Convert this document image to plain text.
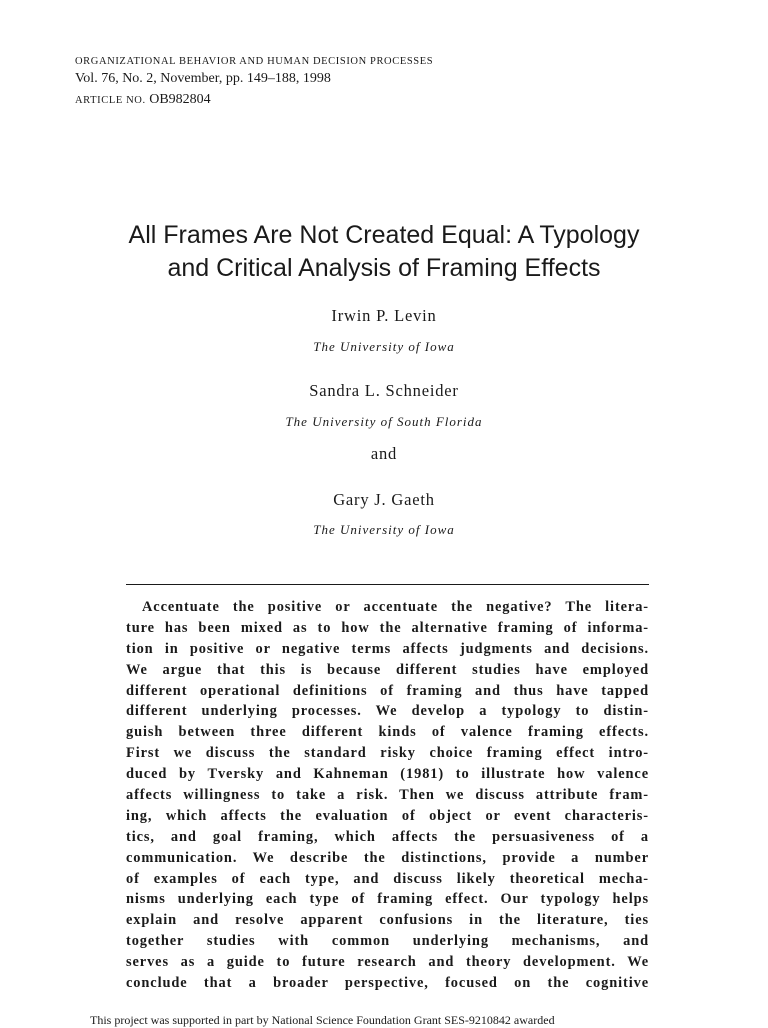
ORGANIZATIONAL BEHAVIOR AND HUMAN DECISION PROCESSES
Vol. 76, No. 2, November, pp. 149–188, 1998
ARTICLE NO. OB982804
All Frames Are Not Created Equal: A Typology
and Critical Analysis of Framing Effects
Irwin P. Levin
The University of Iowa
Sandra L. Schneider
The University of South Florida
and
Gary J. Gaeth
The University of Iowa
Accentuate the positive or accentuate the negative? The litera-
ture has been mixed as to how the alternative framing of informa-
tion in positive or negative terms affects judgments and decisions.
We argue that this is because different studies have employed
different operational definitions of framing and thus have tapped
different underlying processes. We develop a typology to distin-
guish between three different kinds of valence framing effects.
First we discuss the standard risky choice framing effect intro-
duced by Tversky and Kahneman (1981) to illustrate how valence
affects willingness to take a risk. Then we discuss attribute fram-
ing, which affects the evaluation of object or event characteris-
tics, and goal framing, which affects the persuasiveness of a
communication. We describe the distinctions, provide a number
of examples of each type, and discuss likely theoretical mecha-
nisms underlying each type of framing effect. Our typology helps
explain and resolve apparent confusions in the literature, ties
together studies with common underlying mechanisms, and
serves as a guide to future research and theory development. We
conclude that a broader perspective, focused on the cognitive
This project was supported in part by National Science Foundation Grant SES-9210842 awarded
